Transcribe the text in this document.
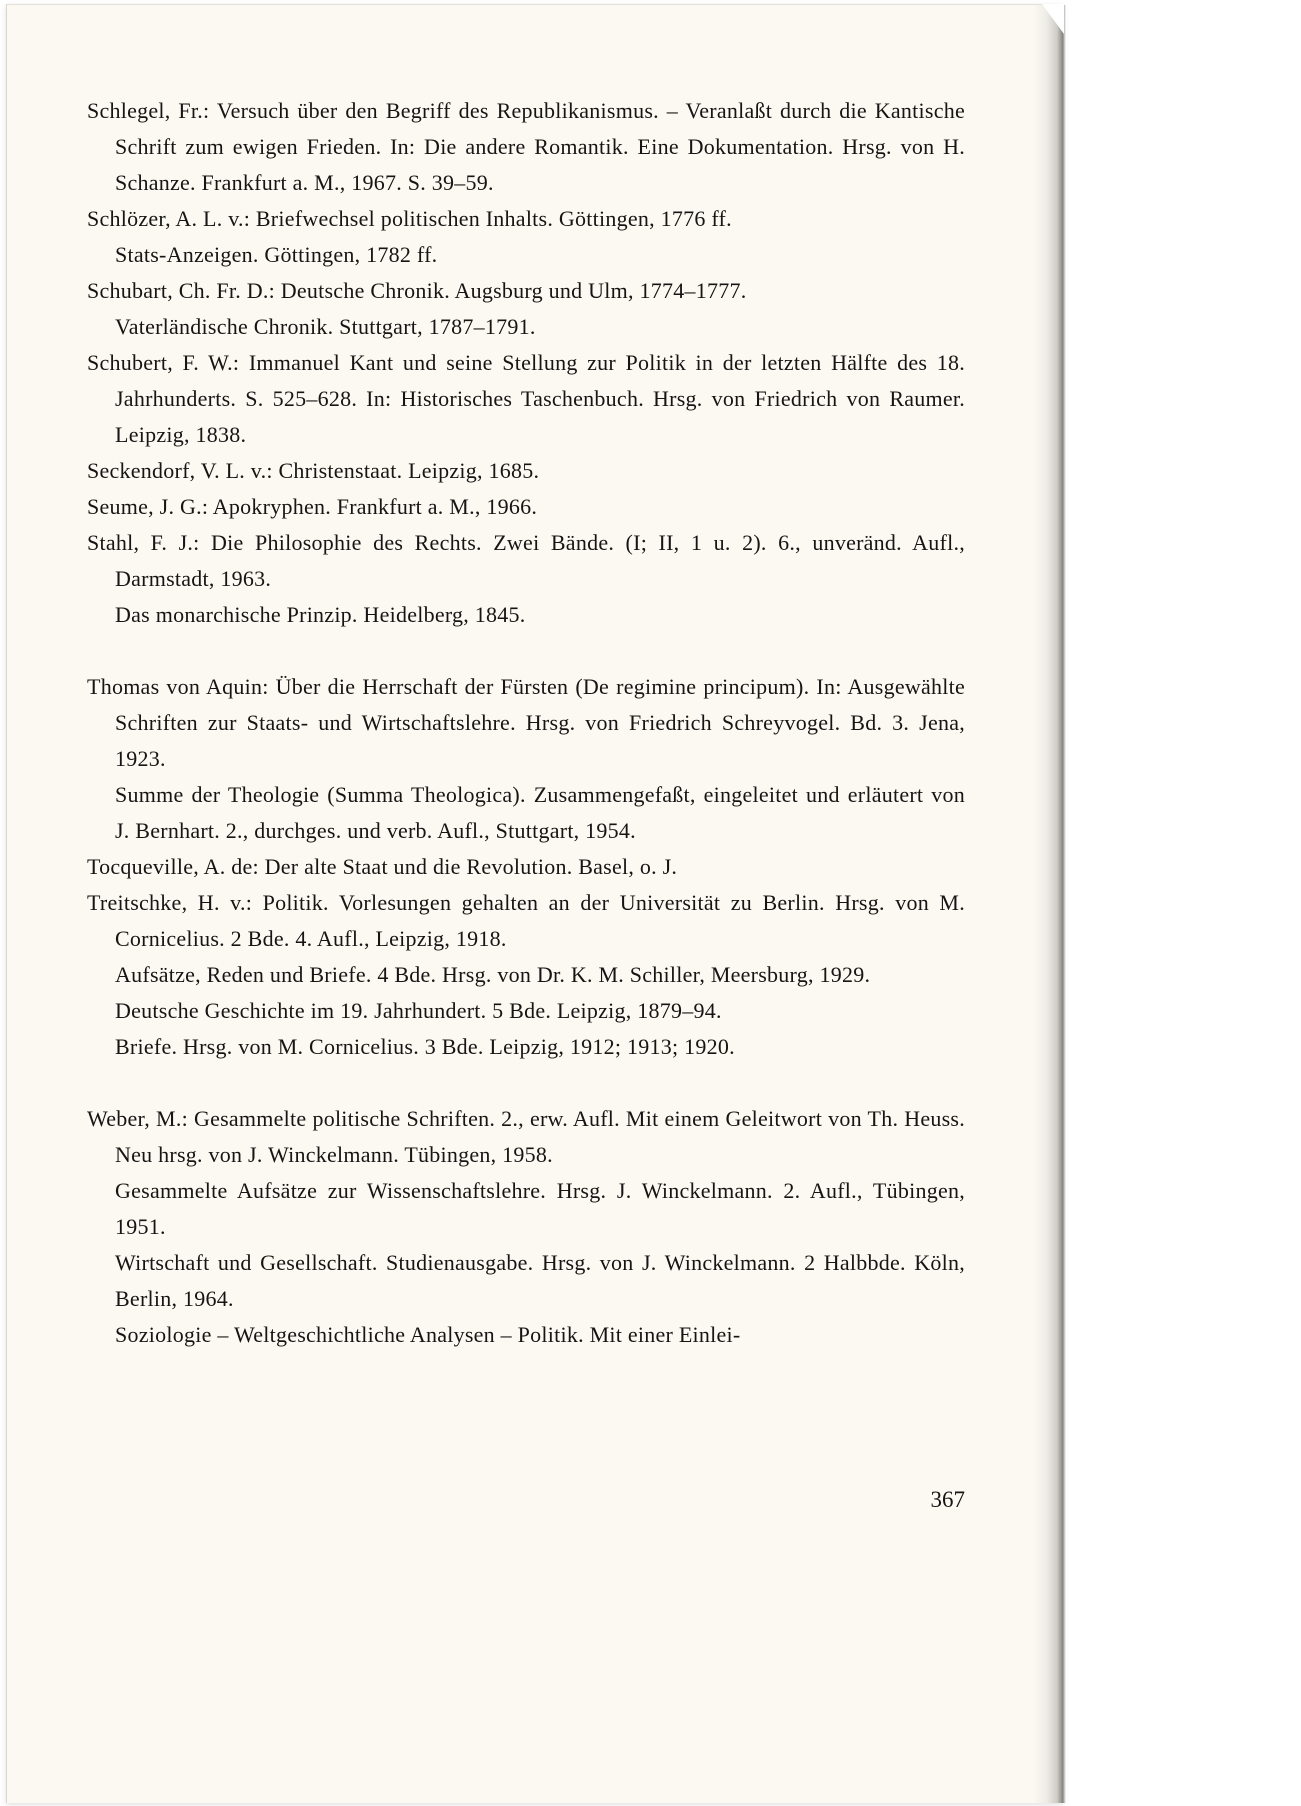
Schlegel, Fr.: Versuch über den Begriff des Republikanismus. – Veranlaßt durch die Kantische Schrift zum ewigen Frieden. In: Die andere Romantik. Eine Dokumentation. Hrsg. von H. Schanze. Frankfurt a. M., 1967. S. 39–59.

Schlözer, A. L. v.: Briefwechsel politischen Inhalts. Göttingen, 1776 ff.

Stats-Anzeigen. Göttingen, 1782 ff.

Schubart, Ch. Fr. D.: Deutsche Chronik. Augsburg und Ulm, 1774–1777.

Vaterländische Chronik. Stuttgart, 1787–1791.

Schubert, F. W.: Immanuel Kant und seine Stellung zur Politik in der letzten Hälfte des 18. Jahrhunderts. S. 525–628. In: Historisches Taschenbuch. Hrsg. von Friedrich von Raumer. Leipzig, 1838.

Seckendorf, V. L. v.: Christenstaat. Leipzig, 1685.

Seume, J. G.: Apokryphen. Frankfurt a. M., 1966.

Stahl, F. J.: Die Philosophie des Rechts. Zwei Bände. (I; II, 1 u. 2). 6., unveränd. Aufl., Darmstadt, 1963.

Das monarchische Prinzip. Heidelberg, 1845.

Thomas von Aquin: Über die Herrschaft der Fürsten (De regimine principum). In: Ausgewählte Schriften zur Staats- und Wirtschaftslehre. Hrsg. von Friedrich Schreyvogel. Bd. 3. Jena, 1923.

Summe der Theologie (Summa Theologica). Zusammengefaßt, eingeleitet und erläutert von J. Bernhart. 2., durchges. und verb. Aufl., Stuttgart, 1954.

Tocqueville, A. de: Der alte Staat und die Revolution. Basel, o. J.

Treitschke, H. v.: Politik. Vorlesungen gehalten an der Universität zu Berlin. Hrsg. von M. Cornicelius. 2 Bde. 4. Aufl., Leipzig, 1918.

Aufsätze, Reden und Briefe. 4 Bde. Hrsg. von Dr. K. M. Schiller, Meersburg, 1929.

Deutsche Geschichte im 19. Jahrhundert. 5 Bde. Leipzig, 1879–94.

Briefe. Hrsg. von M. Cornicelius. 3 Bde. Leipzig, 1912; 1913; 1920.

Weber, M.: Gesammelte politische Schriften. 2., erw. Aufl. Mit einem Geleitwort von Th. Heuss. Neu hrsg. von J. Winckelmann. Tübingen, 1958.

Gesammelte Aufsätze zur Wissenschaftslehre. Hrsg. J. Winckelmann. 2. Aufl., Tübingen, 1951.

Wirtschaft und Gesellschaft. Studienausgabe. Hrsg. von J. Winckelmann. 2 Halbbde. Köln, Berlin, 1964.

Soziologie – Weltgeschichtliche Analysen – Politik. Mit einer Einlei-

367
